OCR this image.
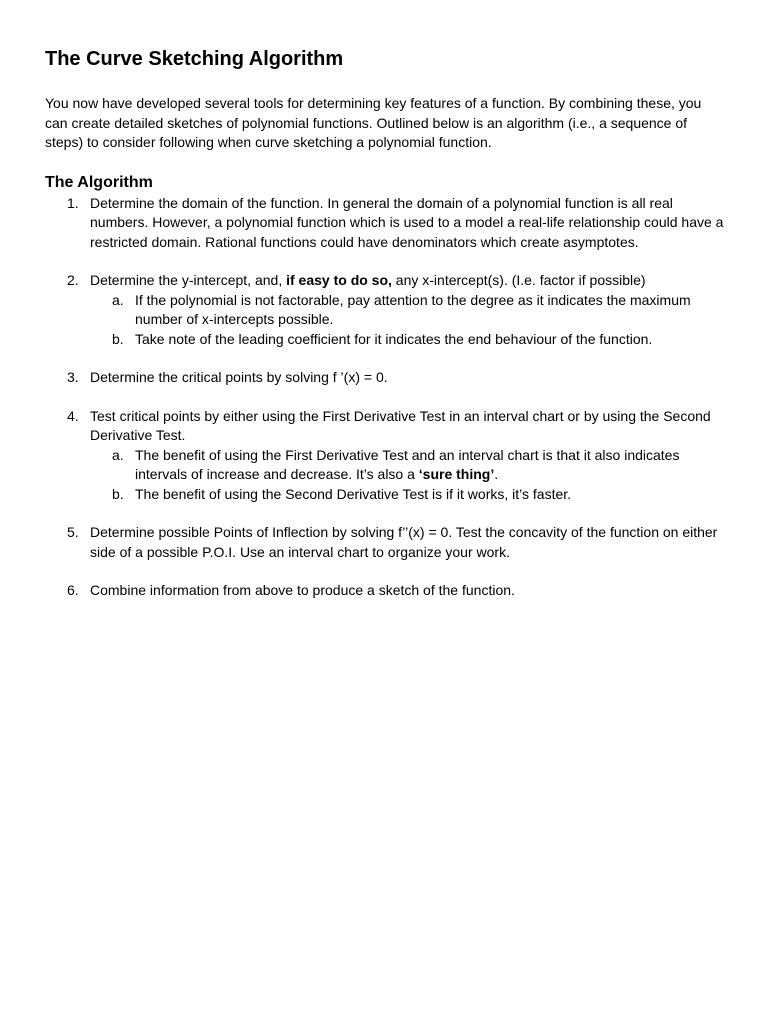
The Curve Sketching Algorithm

You now have developed several tools for determining key features of a function. By combining these, you can create detailed sketches of polynomial functions. Outlined below is an algorithm (i.e., a sequence of steps) to consider following when curve sketching a polynomial function.

The Algorithm
1. Determine the domain of the function. In general the domain of a polynomial function is all real numbers. However, a polynomial function which is used to a model a real-life relationship could have a restricted domain. Rational functions could have denominators which create asymptotes.
2. Determine the y-intercept, and, if easy to do so, any x-intercept(s). (I.e. factor if possible)
a. If the polynomial is not factorable, pay attention to the degree as it indicates the maximum number of x-intercepts possible.
b. Take note of the leading coefficient for it indicates the end behaviour of the function.
3. Determine the critical points by solving f ’(x) = 0.
4. Test critical points by either using the First Derivative Test in an interval chart or by using the Second Derivative Test.
a. The benefit of using the First Derivative Test and an interval chart is that it also indicates intervals of increase and decrease. It’s also a ‘sure thing’.
b. The benefit of using the Second Derivative Test is if it works, it’s faster.
5. Determine possible Points of Inflection by solving f’’(x) = 0. Test the concavity of the function on either side of a possible P.O.I. Use an interval chart to organize your work.
6. Combine information from above to produce a sketch of the function.
